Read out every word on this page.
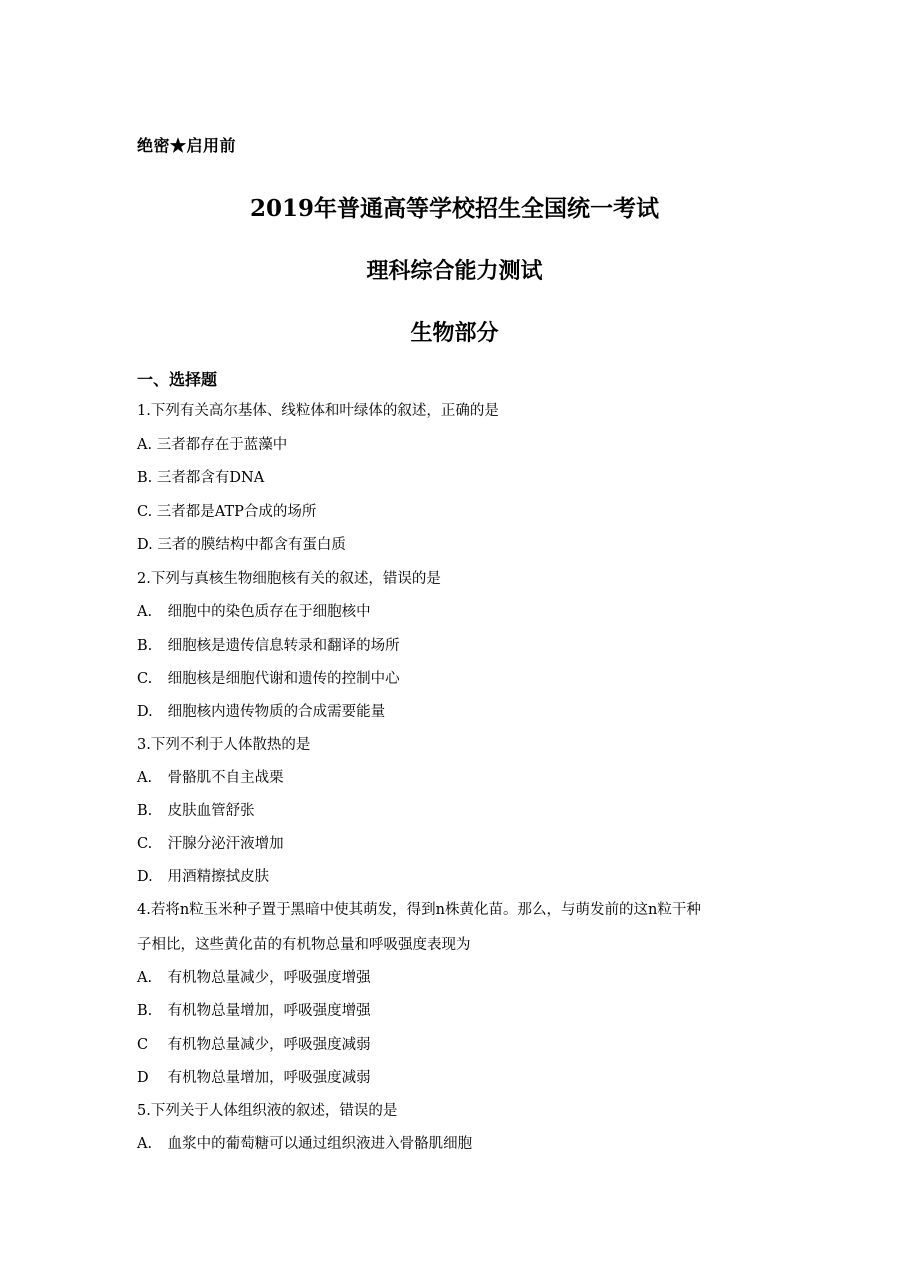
绝密★启用前
2019年普通高等学校招生全国统一考试
理科综合能力测试
生物部分
一、选择题
1.下列有关高尔基体、线粒体和叶绿体的叙述，正确的是
A. 三者都存在于蓝藻中
B. 三者都含有DNA
C. 三者都是ATP合成的场所
D. 三者的膜结构中都含有蛋白质
2.下列与真核生物细胞核有关的叙述，错误的是
A. 细胞中的染色质存在于细胞核中
B. 细胞核是遗传信息转录和翻译的场所
C. 细胞核是细胞代谢和遗传的控制中心
D. 细胞核内遗传物质的合成需要能量
3.下列不利于人体散热的是
A. 骨骼肌不自主战栗
B. 皮肤血管舒张
C. 汗腺分泌汗液增加
D. 用酒精擦拭皮肤
4.若将n粒玉米种子置于黑暗中使其萌发，得到n株黄化苗。那么，与萌发前的这n粒干种
子相比，这些黄化苗的有机物总量和呼吸强度表现为
A. 有机物总量减少，呼吸强度增强
B. 有机物总量增加，呼吸强度增强
C 有机物总量减少，呼吸强度减弱
D 有机物总量增加，呼吸强度减弱
5.下列关于人体组织液的叙述，错误的是
A. 血浆中的葡萄糖可以通过组织液进入骨骼肌细胞
